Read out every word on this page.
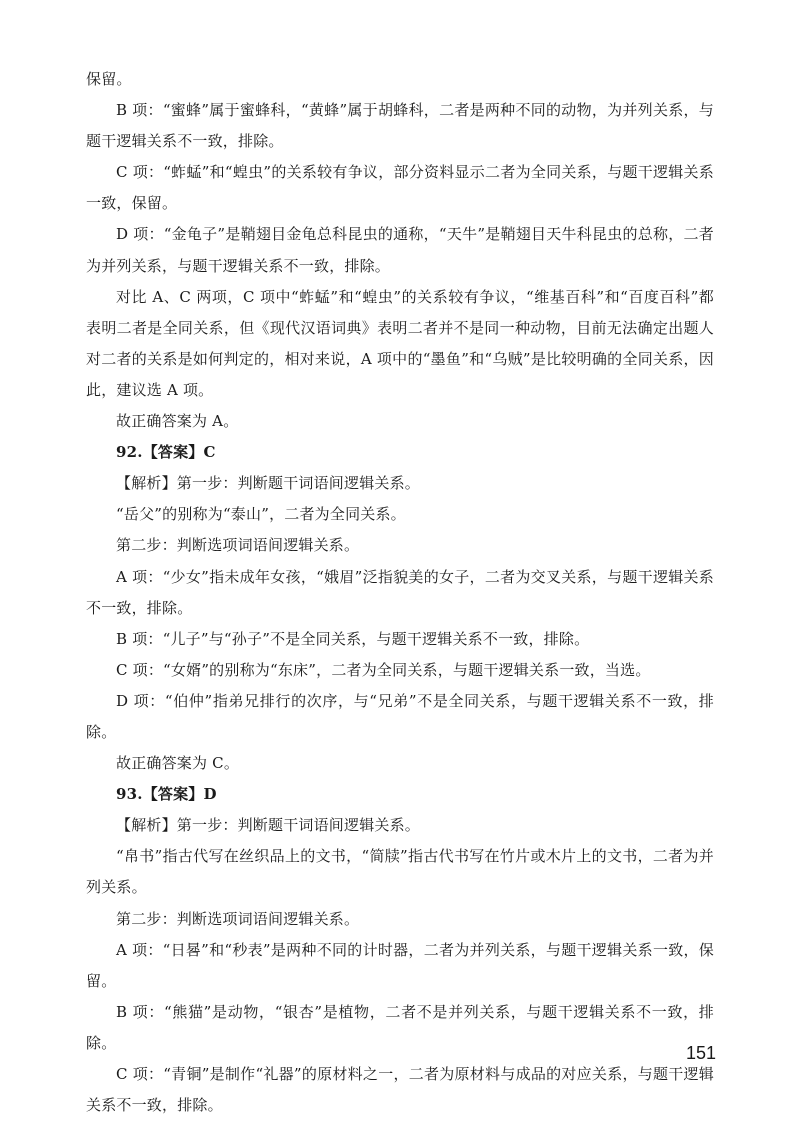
保留。

B 项：“蜜蜂”属于蜜蜂科，“黄蜂”属于胡蜂科，二者是两种不同的动物，为并列关系，与题干逻辑关系不一致，排除。

C 项：“蚱蜢”和“蝗虫”的关系较有争议，部分资料显示二者为全同关系，与题干逻辑关系一致，保留。

D 项：“金龟子”是鞘翅目金龟总科昆虫的通称，“天牛”是鞘翅目天牛科昆虫的总称，二者为并列关系，与题干逻辑关系不一致，排除。

对比 A、C 两项，C 项中“蚱蜢”和“蝗虫”的关系较有争议，“维基百科”和“百度百科”都表明二者是全同关系，但《现代汉语词典》表明二者并不是同一种动物，目前无法确定出题人对二者的关系是如何判定的，相对来说，A 项中的“墨鱼”和“乌贼”是比较明确的全同关系，因此，建议选 A 项。

故正确答案为 A。

92.【答案】C

【解析】第一步：判断题干词语间逻辑关系。

“岳父”的别称为“泰山”，二者为全同关系。

第二步：判断选项词语间逻辑关系。

A 项：“少女”指未成年女孩，“娥眉”泛指貌美的女子，二者为交叉关系，与题干逻辑关系不一致，排除。

B 项：“儿子”与“孙子”不是全同关系，与题干逻辑关系不一致，排除。

C 项：“女婿”的别称为“东床”，二者为全同关系，与题干逻辑关系一致，当选。

D 项：“伯仲”指弟兄排行的次序，与“兄弟”不是全同关系，与题干逻辑关系不一致，排除。

故正确答案为 C。

93.【答案】D

【解析】第一步：判断题干词语间逻辑关系。

“帛书”指古代写在丝织品上的文书，“简牍”指古代书写在竹片或木片上的文书，二者为并列关系。

第二步：判断选项词语间逻辑关系。

A 项：“日晷”和“秒表”是两种不同的计时器，二者为并列关系，与题干逻辑关系一致，保留。

B 项：“熊猫”是动物，“银杏”是植物，二者不是并列关系，与题干逻辑关系不一致，排除。

C 项：“青铜”是制作“礼器”的原材料之一，二者为原材料与成品的对应关系，与题干逻辑关系不一致，排除。

151
